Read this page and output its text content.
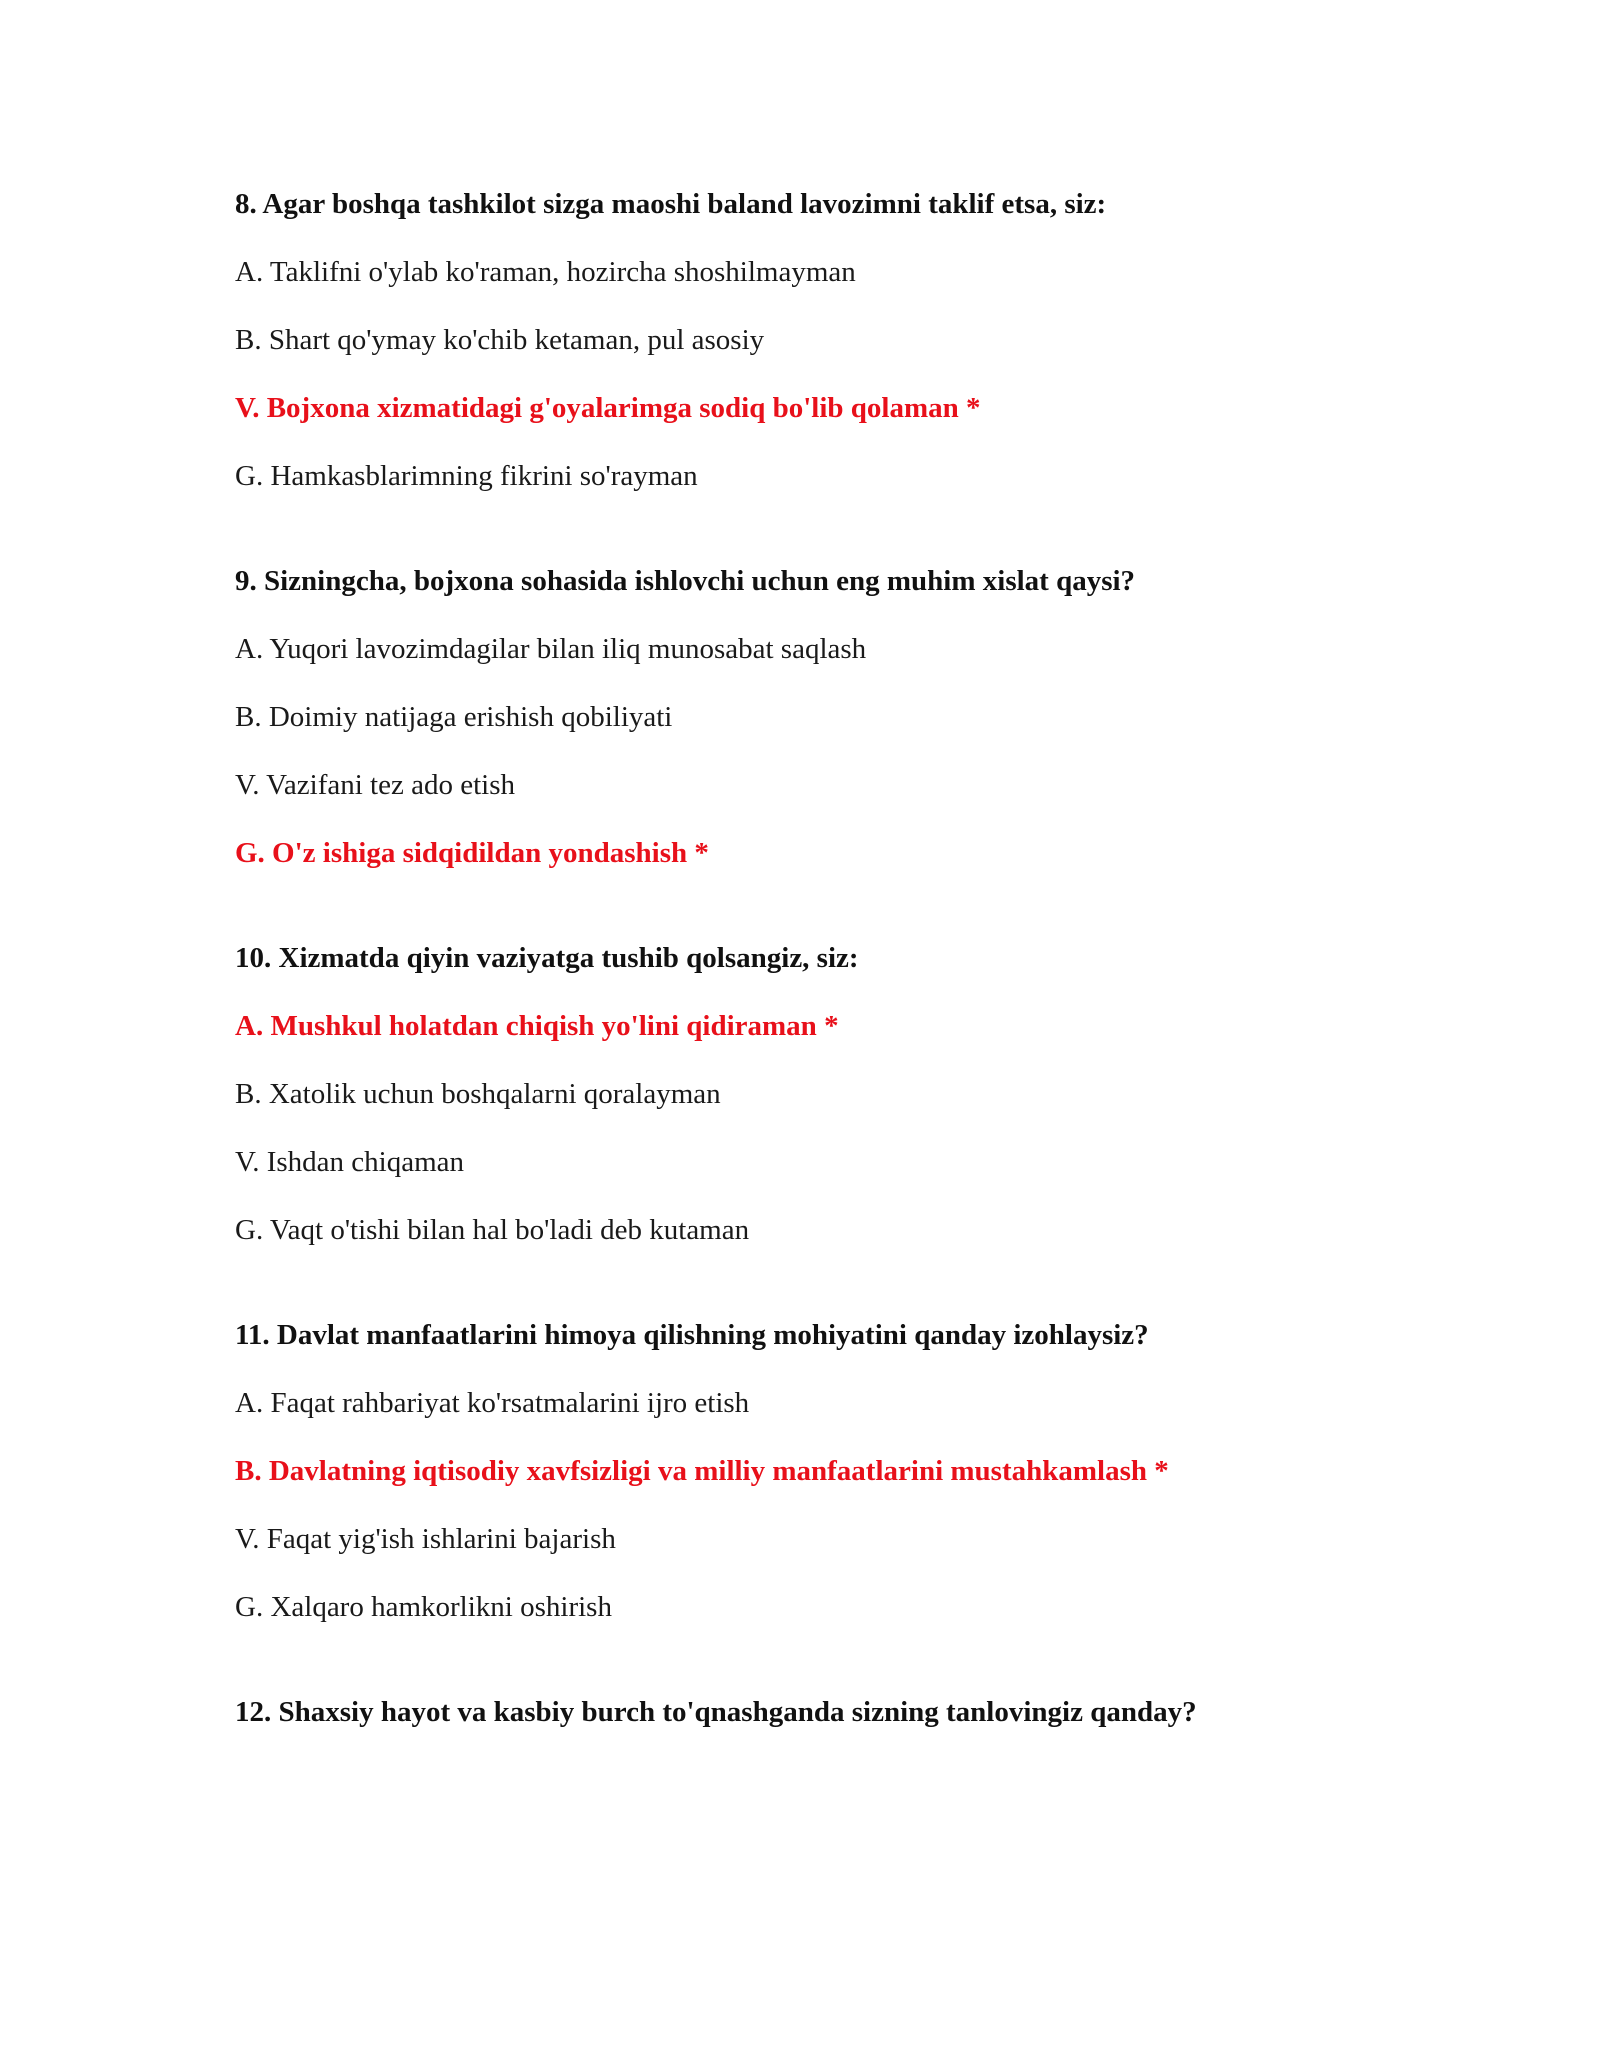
8. Agar boshqa tashkilot sizga maoshi baland lavozimni taklif etsa, siz:
A. Taklifni o'ylab ko'raman, hozircha shoshilmayman
B. Shart qo'ymay ko'chib ketaman, pul asosiy
V. Bojxona xizmatidagi g'oyalarimga sodiq bo'lib qolaman *
G. Hamkasblarimning fikrini so'rayman
9. Sizningcha, bojxona sohasida ishlovchi uchun eng muhim xislat qaysi?
A. Yuqori lavozimdagilar bilan iliq munosabat saqlash
B. Doimiy natijaga erishish qobiliyati
V. Vazifani tez ado etish
G. O'z ishiga sidqidildan yondashish *
10. Xizmatda qiyin vaziyatga tushib qolsangiz, siz:
A. Mushkul holatdan chiqish yo'lini qidiraman *
B. Xatolik uchun boshqalarni qoralayman
V. Ishdan chiqaman
G. Vaqt o'tishi bilan hal bo'ladi deb kutaman
11. Davlat manfaatlarini himoya qilishning mohiyatini qanday izohlaysiz?
A. Faqat rahbariyat ko'rsatmalarini ijro etish
B. Davlatning iqtisodiy xavfsizligi va milliy manfaatlarini mustahkamlash *
V. Faqat yig'ish ishlarini bajarish
G. Xalqaro hamkorlikni oshirish
12. Shaxsiy hayot va kasbiy burch to'qnashganda sizning tanlovingiz qanday?
